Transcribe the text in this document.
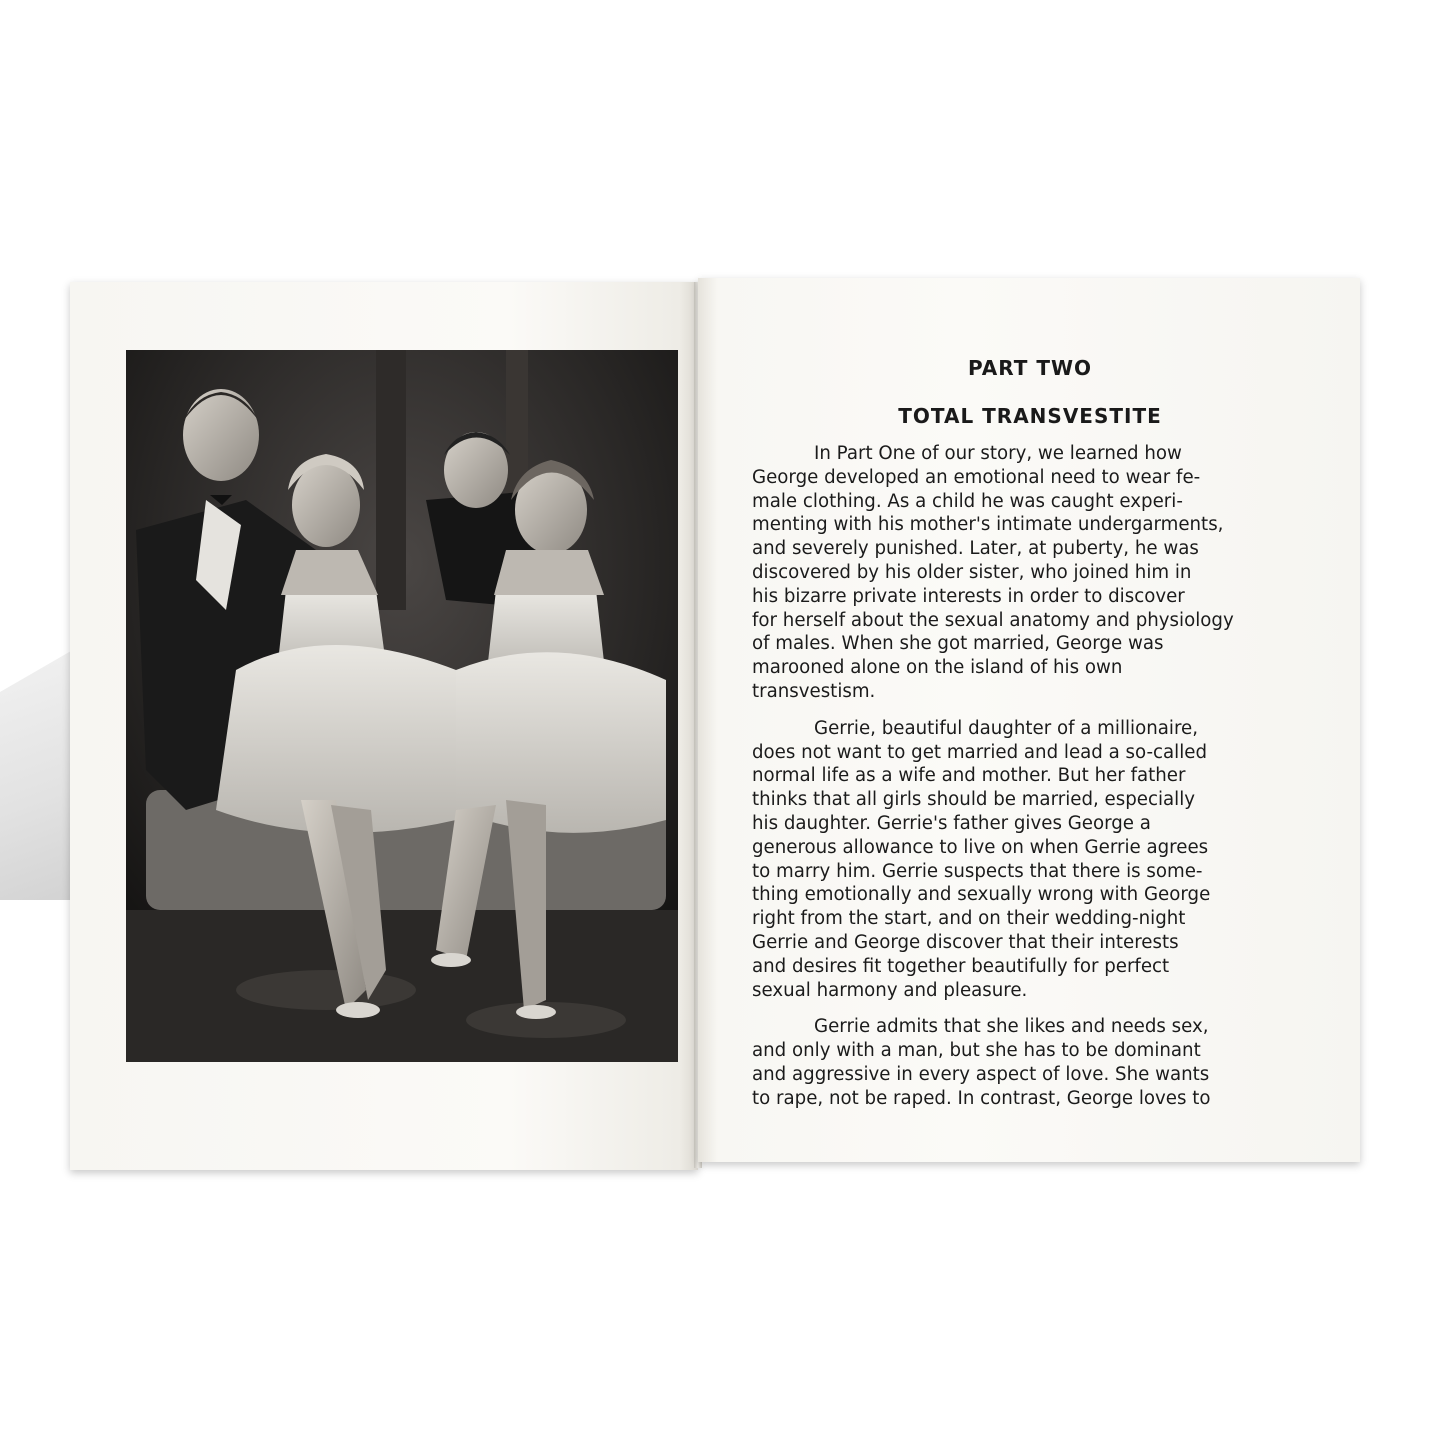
PART TWO
TOTAL TRANSVESTITE

In Part One of our story, we learned how
George developed an emotional need to wear fe-
male clothing. As a child he was caught experi-
menting with his mother's intimate undergarments,
and severely punished. Later, at puberty, he was
discovered by his older sister, who joined him in
his bizarre private interests in order to discover
for herself about the sexual anatomy and physiology
of males. When she got married, George was
marooned alone on the island of his own
transvestism.

Gerrie, beautiful daughter of a millionaire,
does not want to get married and lead a so-called
normal life as a wife and mother. But her father
thinks that all girls should be married, especially
his daughter. Gerrie's father gives George a
generous allowance to live on when Gerrie agrees
to marry him. Gerrie suspects that there is some-
thing emotionally and sexually wrong with George
right from the start, and on their wedding-night
Gerrie and George discover that their interests
and desires fit together beautifully for perfect
sexual harmony and pleasure.

Gerrie admits that she likes and needs sex,
and only with a man, but she has to be dominant
and aggressive in every aspect of love. She wants
to rape, not be raped. In contrast, George loves to
